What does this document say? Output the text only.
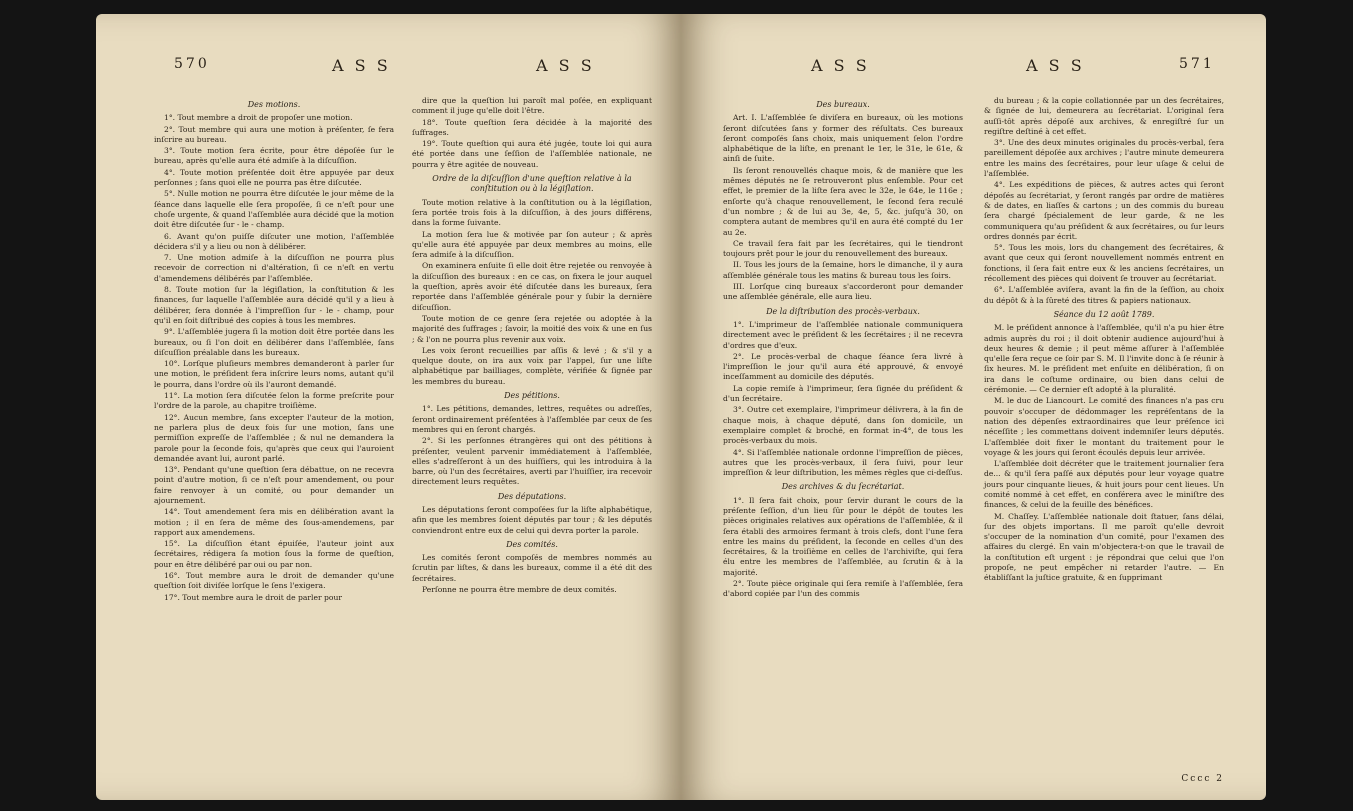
570	A S S	A S S

Des motions.

1°. Tout membre a droit de propoſer une motion.

2°. Tout membre qui aura une motion à préſenter, ſe fera inſcrire au bureau.

3°. Toute motion ſera écrite, pour être dépoſée ſur le bureau, après qu'elle aura été admiſe à la diſcuſſion.

4°. Toute motion préſentée doit être appuyée par deux perſonnes ; ſans quoi elle ne pourra pas être diſcutée.

5°. Nulle motion ne pourra être diſcutée le jour même de la ſéance dans laquelle elle ſera propoſée, ſi ce n'eſt pour une choſe urgente, & quand l'aſſemblée aura décidé que la motion doit être diſcutée ſur - le - champ.

6. Avant qu'on puiſſe diſcuter une motion, l'aſſemblée décidera s'il y a lieu ou non à délibérer.

7. Une motion admiſe à la diſcuſſion ne pourra plus recevoir de correction ni d'altération, ſi ce n'eſt en vertu d'amendemens délibérés par l'aſſemblée.

8. Toute motion ſur la légiſlation, la conſtitution & les finances, ſur laquelle l'aſſemblée aura décidé qu'il y a lieu à délibérer, ſera donnée à l'impreſſion ſur - le - champ, pour qu'il en ſoit diſtribué des copies à tous les membres.

9°. L'aſſemblée jugera ſi la motion doit être portée dans les bureaux, ou ſi l'on doit en délibérer dans l'aſſemblée, ſans diſcuſſion préalable dans les bureaux.

10°. Lorſque pluſieurs membres demanderont à parler ſur une motion, le préſident fera inſcrire leurs noms, autant qu'il le pourra, dans l'ordre où ils l'auront demandé.

11°. La motion ſera diſcutée ſelon la forme preſcrite pour l'ordre de la parole, au chapitre troiſième.

12°. Aucun membre, ſans excepter l'auteur de la motion, ne parlera plus de deux fois ſur une motion, ſans une permiſſion expreſſe de l'aſſemblée ; & nul ne demandera la parole pour la ſeconde fois, qu'après que ceux qui l'auroient demandée avant lui, auront parlé.

13°. Pendant qu'une queſtion ſera débattue, on ne recevra point d'autre motion, ſi ce n'eſt pour amendement, ou pour faire renvoyer à un comité, ou pour demander un ajournement.

14°. Tout amendement ſera mis en délibération avant la motion ; il en ſera de même des ſous-amendemens, par rapport aux amendemens.

15°. La diſcuſſion étant épuiſée, l'auteur joint aux ſecrétaires, rédigera ſa motion ſous la forme de queſtion, pour en être délibéré par oui ou par non.

16°. Tout membre aura le droit de demander qu'une queſtion ſoit diviſée lorſque le ſens l'exigera.

17°. Tout membre aura le droit de parler pour

dire que la queſtion lui paroît mal poſée, en expliquant comment il juge qu'elle doit l'être.

18°. Toute queſtion ſera décidée à la majorité des ſuffrages.

19°. Toute queſtion qui aura été jugée, toute loi qui aura été portée dans une ſeſſion de l'aſſemblée nationale, ne pourra y être agitée de nouveau.

Ordre de la diſcuſſion d'une queſtion relative à la conſtitution ou à la légiſlation.

Toute motion relative à la conſtitution ou à la légiſlation, ſera portée trois fois à la diſcuſſion, à des jours différens, dans la forme ſuivante.

La motion ſera lue & motivée par ſon auteur ; & après qu'elle aura été appuyée par deux membres au moins, elle ſera admiſe à la diſcuſſion.

On examinera enſuite ſi elle doit être rejetée ou renvoyée à la diſcuſſion des bureaux : en ce cas, on fixera le jour auquel la queſtion, après avoir été diſcutée dans les bureaux, ſera reportée dans l'aſſemblée générale pour y ſubir la dernière diſcuſſion.

Toute motion de ce genre ſera rejetée ou adoptée à la majorité des ſuffrages ; ſavoir, la moitié des voix & une en ſus ; & l'on ne pourra plus revenir aux voix.

Les voix ſeront recueillies par aſſis & levé ; & s'il y a quelque doute, on ira aux voix par l'appel, ſur une liſte alphabétique par bailliages, complète, vérifiée & ſignée par les membres du bureau.

Des pétitions.

1°. Les pétitions, demandes, lettres, requêtes ou adreſſes, ſeront ordinairement préſentées à l'aſſemblée par ceux de ſes membres qui en ſeront chargés.

2°. Si les perſonnes étrangères qui ont des pétitions à préſenter, veulent parvenir immédiatement à l'aſſemblée, elles s'adreſſeront à un des huiſſiers, qui les introduira à la barre, où l'un des ſecrétaires, averti par l'huiſſier, ira recevoir directement leurs requêtes.

Des députations.

Les députations ſeront compoſées ſur la liſte alphabétique, afin que les membres ſoient députés par tour ; & les députés conviendront entre eux de celui qui devra porter la parole.

Des comités.

Les comités ſeront compoſés de membres nommés au ſcrutin par liſtes, & dans les bureaux, comme il a été dit des ſecrétaires.

Perſonne ne pourra être membre de deux comités.

A S S	A S S	571

Des bureaux.

Art. I. L'aſſemblée ſe diviſera en bureaux, où les motions ſeront diſcutées ſans y former des réſultats. Ces bureaux ſeront compoſés ſans choix, mais uniquement ſelon l'ordre alphabétique de la liſte, en prenant le 1er, le 31e, le 61e, & ainſi de ſuite.

Ils ſeront renouvellés chaque mois, & de manière que les mêmes députés ne ſe retrouveront plus enſemble. Pour cet effet, le premier de la liſte ſera avec le 32e, le 64e, le 116e ; enſorte qu'à chaque renouvellement, le ſecond ſera reculé d'un nombre ; & de lui au 3e, 4e, 5, &c. juſqu'à 30, on comptera autant de membres qu'il en aura été compté du 1er au 2e.

Ce travail ſera fait par les ſecrétaires, qui le tiendront toujours prêt pour le jour du renouvellement des bureaux.

II. Tous les jours de la ſemaine, hors le dimanche, il y aura aſſemblée générale tous les matins & bureau tous les ſoirs.

III. Lorſque cinq bureaux s'accorderont pour demander une aſſemblée générale, elle aura lieu.

De la diſtribution des procès-verbaux.

1°. L'imprimeur de l'aſſemblée nationale communiquera directement avec le préſident & les ſecrétaires ; il ne recevra d'ordres que d'eux.

2°. Le procès-verbal de chaque ſéance ſera livré à l'impreſſion le jour qu'il aura été approuvé, & envoyé inceſſamment au domicile des députés.

La copie remiſe à l'imprimeur, ſera ſignée du préſident & d'un ſecrétaire.

3°. Outre cet exemplaire, l'imprimeur délivrera, à la fin de chaque mois, à chaque député, dans ſon domicile, un exemplaire complet & broché, en format in-4°, de tous les procès-verbaux du mois.

4°. Si l'aſſemblée nationale ordonne l'impreſſion de pièces, autres que les procès-verbaux, il ſera ſuivi, pour leur impreſſion & leur diſtribution, les mêmes règles que ci-deſſus.

Des archives & du ſecrétariat.

1°. Il ſera fait choix, pour ſervir durant le cours de la préſente ſeſſion, d'un lieu ſûr pour le dépôt de toutes les pièces originales relatives aux opérations de l'aſſemblée, & il ſera établi des armoires fermant à trois clefs, dont l'une ſera entre les mains du préſident, la ſeconde en celles d'un des ſecrétaires, & la troiſième en celles de l'archiviſte, qui ſera élu entre les membres de l'aſſemblée, au ſcrutin & à la majorité.

2°. Toute pièce originale qui ſera remiſe à l'aſſemblée, ſera d'abord copiée par l'un des commis

du bureau ; & la copie collationnée par un des ſecrétaires, & ſignée de lui, demeurera au ſecrétariat. L'original ſera auſſi-tôt après dépoſé aux archives, & enregiſtré ſur un regiſtre deſtiné à cet effet.

3°. Une des deux minutes originales du procès-verbal, ſera pareillement dépoſée aux archives ; l'autre minute demeurera entre les mains des ſecrétaires, pour leur uſage & celui de l'aſſemblée.

4°. Les expéditions de pièces, & autres actes qui ſeront dépoſés au ſecrétariat, y ſeront rangés par ordre de matières & de dates, en liaſſes & cartons ; un des commis du bureau ſera chargé ſpécialement de leur garde, & ne les communiquera qu'au préſident & aux ſecrétaires, ou ſur leurs ordres donnés par écrit.

5°. Tous les mois, lors du changement des ſecrétaires, & avant que ceux qui ſeront nouvellement nommés entrent en fonctions, il ſera fait entre eux & les anciens ſecrétaires, un récollement des pièces qui doivent ſe trouver au ſecrétariat.

6°. L'aſſemblée aviſera, avant la fin de la ſeſſion, au choix du dépôt & à la ſûreté des titres & papiers nationaux.

Séance du 12 août 1789.

M. le préſident annonce à l'aſſemblée, qu'il n'a pu hier être admis auprès du roi ; il doit obtenir audience aujourd'hui à deux heures & demie ; il peut même aſſurer à l'aſſemblée qu'elle ſera reçue ce ſoir par S. M. Il l'invite donc à ſe réunir à ſix heures. M. le préſident met enſuite en délibération, ſi on ira dans le coſtume ordinaire, ou bien dans celui de cérémonie. — Ce dernier eſt adopté à la pluralité.

M. le duc de Liancourt. Le comité des finances n'a pas cru pouvoir s'occuper de dédommager les repréſentans de la nation des dépenſes extraordinaires que leur préſence ici néceſſite ; les commettans doivent indemniſer leurs députés. L'aſſemblée doit fixer le montant du traitement pour le voyage & les jours qui ſeront écoulés depuis leur arrivée.

L'aſſemblée doit décréter que le traitement journalier ſera de... & qu'il ſera paſſé aux députés pour leur voyage quatre jours pour cinquante lieues, & huit jours pour cent lieues. Un comité nommé à cet effet, en conférera avec le miniſtre des finances, & celui de la feuille des bénéfices.

M. Chaſſey. L'aſſemblée nationale doit ſtatuer, ſans délai, ſur des objets importans. Il me paroît qu'elle devroit s'occuper de la nomination d'un comité, pour l'examen des affaires du clergé. En vain m'objectera-t-on que le travail de la conſtitution eſt urgent : je répondrai que celui que l'on propoſe, ne peut empêcher ni retarder l'autre. — En établiſſant la juſtice gratuite, & en ſupprimant

Cccc 2
